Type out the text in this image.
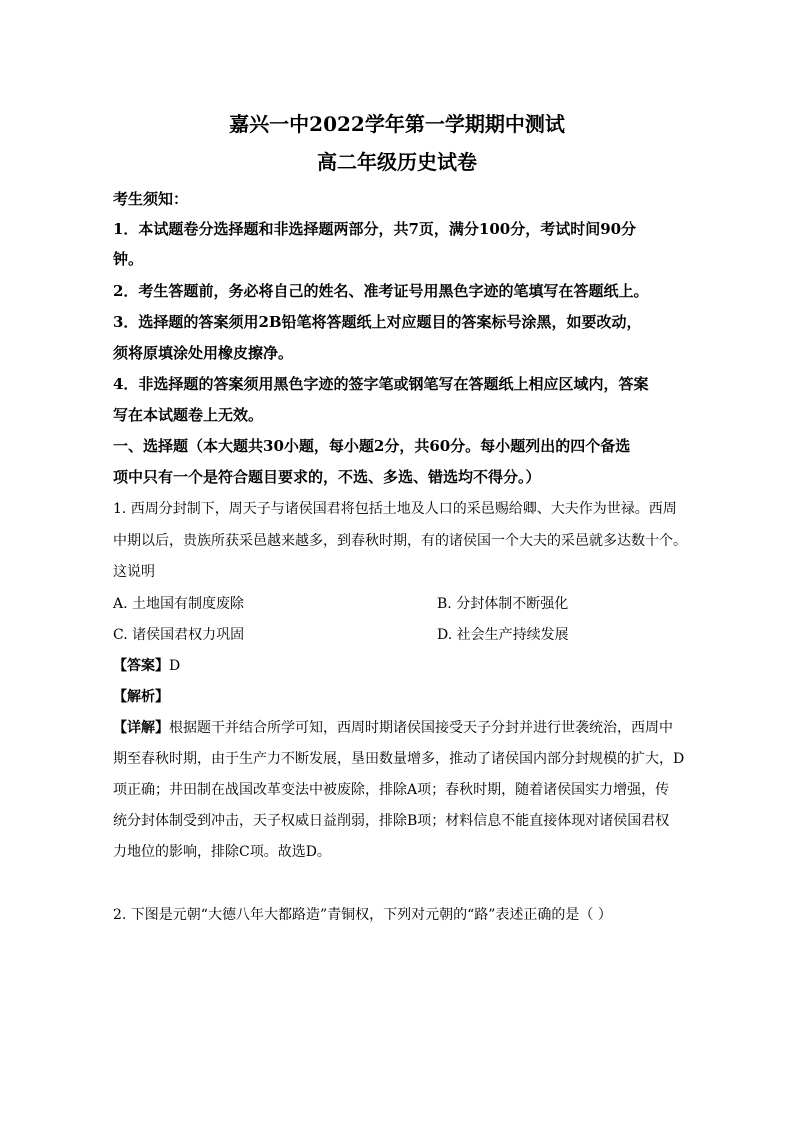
嘉兴一中2022学年第一学期期中测试
高二年级历史试卷
考生须知：
1．本试题卷分选择题和非选择题两部分，共7页，满分100分，考试时间90分
钟。
2．考生答题前，务必将自己的姓名、准考证号用黑色字迹的笔填写在答题纸上。
3．选择题的答案须用2B铅笔将答题纸上对应题目的答案标号涂黑，如要改动，
须将原填涂处用橡皮擦净。
4．非选择题的答案须用黑色字迹的签字笔或钢笔写在答题纸上相应区域内，答案
写在本试题卷上无效。
一、选择题（本大题共30小题，每小题2分，共60分。每小题列出的四个备选
项中只有一个是符合题目要求的，不选、多选、错选均不得分。）
1. 西周分封制下，周天子与诸侯国君将包括土地及人口的采邑赐给卿、大夫作为世禄。西周
中期以后，贵族所获采邑越来越多，到春秋时期，有的诸侯国一个大夫的采邑就多达数十个。
这说明
A. 土地国有制度废除	B. 分封体制不断强化
C. 诸侯国君权力巩固	D. 社会生产持续发展
【答案】D
【解析】
【详解】根据题干并结合所学可知，西周时期诸侯国接受天子分封并进行世袭统治，西周中
期至春秋时期，由于生产力不断发展，垦田数量增多，推动了诸侯国内部分封规模的扩大，D
项正确；井田制在战国改革变法中被废除，排除A项；春秋时期，随着诸侯国实力增强，传
统分封体制受到冲击，天子权威日益削弱，排除B项；材料信息不能直接体现对诸侯国君权
力地位的影响，排除C项。故选D。
2. 下图是元朝“大德八年大都路造”青铜权，下列对元朝的“路”表述正确的是（ ）
